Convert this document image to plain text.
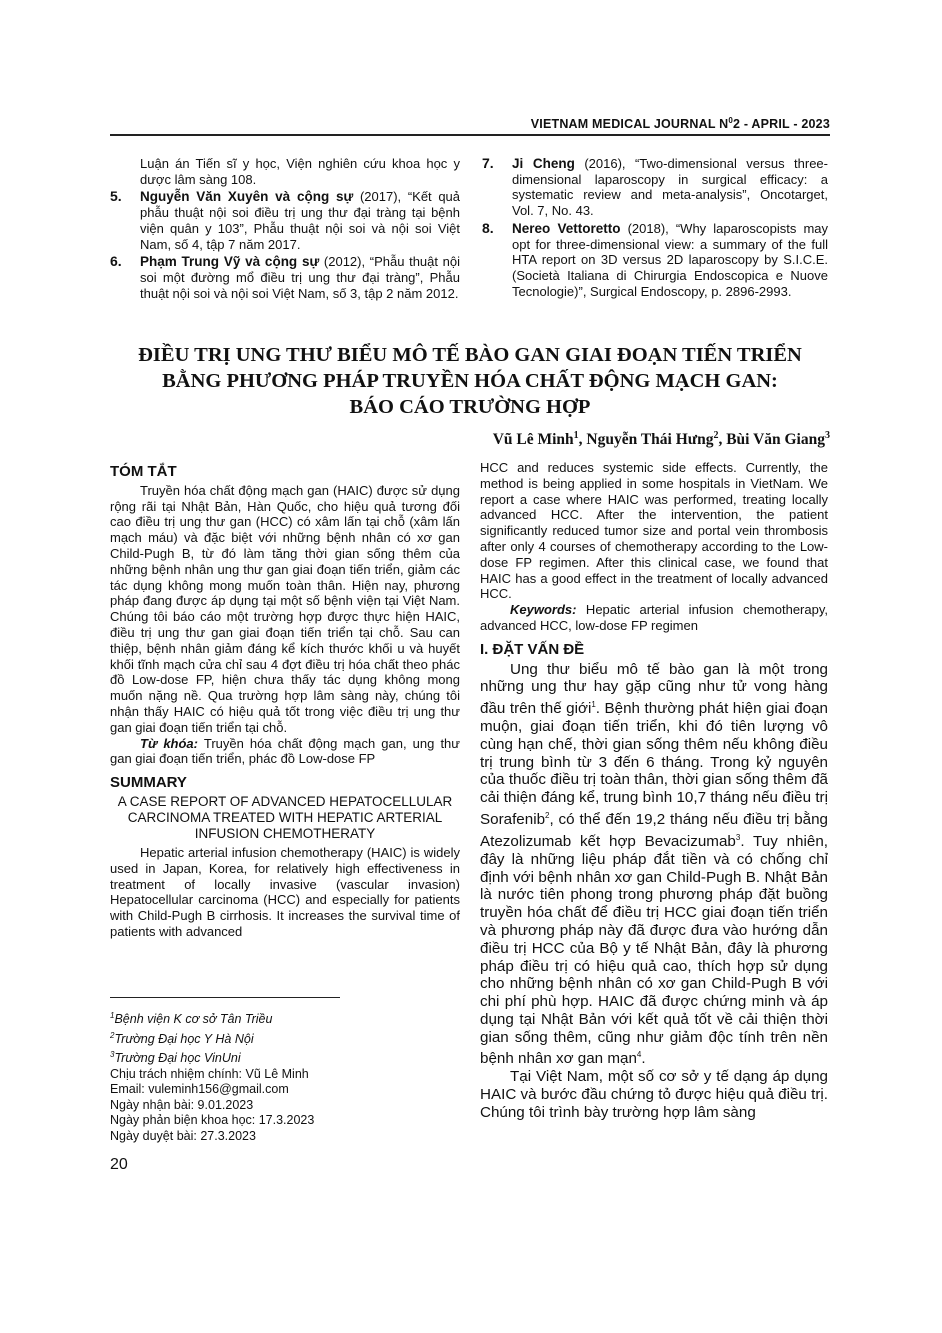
VIETNAM MEDICAL JOURNAL $N^02$ - APRIL - 2023
Luận án Tiến sĩ y học, Viện nghiên cứu khoa học y dược lâm sàng 108.
5. Nguyễn Văn Xuyên và cộng sự (2017), “Kết quả phẫu thuật nội soi điều trị ung thư đại tràng tại bệnh viện quân y 103”, Phẫu thuật nội soi và nội soi Việt Nam, số 4, tập 7 năm 2017.
6. Phạm Trung Vỹ và cộng sự (2012), “Phẫu thuật nội soi một đường mổ điều trị ung thư đại tràng”, Phẫu thuật nội soi và nội soi Việt Nam, số 3, tập 2 năm 2012.
7. Ji Cheng (2016), “Two-dimensional versus three-dimensional laparoscopy in surgical efficacy: a systematic review and meta-analysis”, Oncotarget, Vol. 7, No. 43.
8. Nereo Vettoretto (2018), “Why laparoscopists may opt for three-dimensional view: a summary of the full HTA report on 3D versus 2D laparoscopy by S.I.C.E. (Società Italiana di Chirurgia Endoscopica e Nuove Tecnologie)”, Surgical Endoscopy, p. 2896-2993.
ĐIỀU TRỊ UNG THƯ BIỂU MÔ TẾ BÀO GAN GIAI ĐOẠN TIẾN TRIỂN
BẰNG PHƯƠNG PHÁP TRUYỀN HÓA CHẤT ĐỘNG MẠCH GAN:
BÁO CÁO TRƯỜNG HỢP
Vũ Lê Minh$^1$, Nguyễn Thái Hưng$^2$, Bùi Văn Giang$^3$
TÓM TẮT

Truyền hóa chất động mạch gan (HAIC) được sử dụng rộng rãi tại Nhật Bản, Hàn Quốc, cho hiệu quả tương đối cao điều trị ung thư gan (HCC) có xâm lấn tại chỗ (xâm lấn mạch máu) và đặc biệt với những bệnh nhân có xơ gan Child-Pugh B, từ đó làm tăng thời gian sống thêm của những bệnh nhân ung thư gan giai đoạn tiến triển, giảm các tác dụng không mong muốn toàn thân. Hiện nay, phương pháp đang được áp dụng tại một số bệnh viện tại Việt Nam. Chúng tôi báo cáo một trường hợp được thực hiện HAIC, điều trị ung thư gan giai đoạn tiến triển tại chỗ. Sau can thiệp, bệnh nhân giảm đáng kể kích thước khối u và huyết khối tĩnh mạch cửa chỉ sau 4 đợt điều trị hóa chất theo phác đồ Low-dose FP, hiện chưa thấy tác dụng không mong muốn nặng nề. Qua trường hợp lâm sàng này, chúng tôi nhận thấy HAIC có hiệu quả tốt trong việc điều trị ung thư gan giai đoạn tiến triển tại chỗ.

Từ khóa: Truyền hóa chất động mạch gan, ung thư gan giai đoạn tiến triển, phác đồ Low-dose FP

SUMMARY
A CASE REPORT OF ADVANCED HEPATOCELLULAR CARCINOMA TREATED WITH HEPATIC ARTERIAL INFUSION CHEMOTHERATY

Hepatic arterial infusion chemotherapy (HAIC) is widely used in Japan, Korea, for relatively high effectiveness in treatment of locally invasive (vascular invasion) Hepatocellular carcinoma (HCC) and especially for patients with Child-Pugh B cirrhosis. It increases the survival time of patients with advanced

HCC and reduces systemic side effects. Currently, the method is being applied in some hospitals in VietNam. We report a case where HAIC was performed, treating locally advanced HCC. After the intervention, the patient significantly reduced tumor size and portal vein thrombosis after only 4 courses of chemotherapy according to the Low-dose FP regimen. After this clinical case, we found that HAIC has a good effect in the treatment of locally advanced HCC.

Keywords: Hepatic arterial infusion chemotherapy, advanced HCC, low-dose FP regimen

I. ĐẶT VẤN ĐỀ

Ung thư biểu mô tế bào gan là một trong những ung thư hay gặp cũng như tử vong hàng đầu trên thế giới$^1$. Bệnh thường phát hiện giai đoạn muộn, giai đoạn tiến triển, khi đó tiên lượng vô cùng hạn chế, thời gian sống thêm nếu không điều trị trung bình từ 3 đến 6 tháng. Trong kỷ nguyên của thuốc điều trị toàn thân, thời gian sống thêm đã cải thiện đáng kể, trung bình 10,7 tháng nếu điều trị Sorafenib$^2$, có thể đến 19,2 tháng nếu điều trị bằng Atezolizumab kết hợp Bevacizumab$^3$. Tuy nhiên, đây là những liệu pháp đắt tiền và có chống chỉ định với bệnh nhân xơ gan Child-Pugh B. Nhật Bản là nước tiên phong trong phương pháp đặt buồng truyền hóa chất để điều trị HCC giai đoạn tiến triển và phương pháp này đã được đưa vào hướng dẫn điều trị HCC của Bộ y tế Nhật Bản, đây là phương pháp điều trị có hiệu quả cao, thích hợp sử dụng cho những bệnh nhân có xơ gan Child-Pugh B với chi phí phù hợp. HAIC đã được chứng minh và áp dụng tại Nhật Bản với kết quả tốt về cải thiện thời gian sống thêm, cũng như giảm độc tính trên nền bệnh nhân xơ gan mạn$^4$.

Tại Việt Nam, một số cơ sở y tế dạng áp dụng HAIC và bước đầu chứng tỏ được hiệu quả điều trị. Chúng tôi trình bày trường hợp lâm sàng

$^1$Bệnh viện K cơ sở Tân Triều
$^2$Trường Đại học Y Hà Nội
$^3$Trường Đại học VinUni
Chịu trách nhiệm chính: Vũ Lê Minh
Email: vuleminh156@gmail.com
Ngày nhận bài: 9.01.2023
Ngày phản biện khoa học: 17.3.2023
Ngày duyệt bài: 27.3.2023
20
